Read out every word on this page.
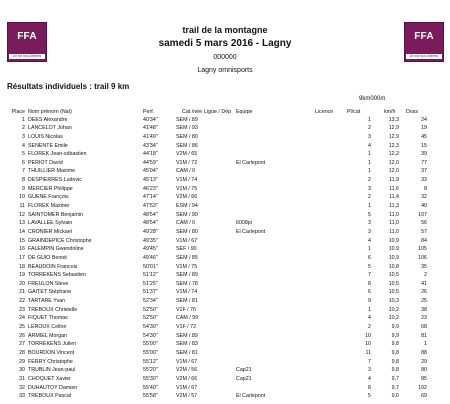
FFA
On est tous Athlètes
FFA
On est tous Athlètes
trail de la montagne
samedi 5 mars 2016 - Lagny
000000
Lagny omnisports
Résultats individuels : trail 9 km
9km000m
Place Nom prénom (Nat)	Perf.	Cat /née Ligue / Dép Equipe	Licence	Pl/cat	km/h Doss
1 DEES Alexandre	40'34''	SEM / 89	1	13,3	24
2 LANCELOT Johan	41'48''	SEM / 93	2	12,9	19
3 LOUIS Nicolas	41'49''	SEM / 80	3	12,9	45
4 SENENTE Emile	43'34''	SEM / 86	4	12,3	15
5 FLOREK Jean-sébastien	44'18''	V2M / 65	1	12,2	39
6 PERIOT David	44'59''	V1M / 72	El Carlepont	1	12,0	77
7 THUILLIER Maxime	45'04''	CAM / 0	1	12,0	37
8 DESPIERRES Ludovic	45'13''	V1M / 74	2	11,9	33
9 MERCIER Philippe	46'23''	V1M / 75	3	11,6	8
10 GUENE François	47'14''	V2M / 66	2	11,4	32
11 FLOREK Maxime	47'53''	ESM / 94	1	11,3	40
12 SAINTOMER Benjamin	48'54''	SEM / 90	5	11,0	107
13 LAVALLEE Sylvain	48'54''	CAM / 0	6008pi	3	11,0	56
14 CRONIER Mickael	49'28''	SEM / 80	El Carlepont	3	11,0	57
15 GRAINDEPICE Christophe	49'35''	V1M / 67	4	10,9	84
16 FALEMPIN Gwendoline	49'45''	SEF / 90	1	10,9	105
17 DE GUIO Benoit	49'46''	SEM / 85	6	10,9	106
18 BEAUDOIN Francois	50'01''	V1M / 75	5	10,8	35
19 TORREKENS Sebastien	51'12''	SEM / 89	7	10,5	2
20 FREULON Steve	51'25''	SEM / 78	8	10,5	41
21 GAITET Stéphane	51'37''	V1M / 74	6	10,5	26
22 TARTARE Yvan	52'34''	SEM / 81	9	10,3	25
23 TREBOUX Christelle	52'50''	V1F / 76	1	10,2	38
24 FIQUET Thomas	52'50''	CAM / 99	4	10,2	23
25 LEROUX Celine	54'30''	V1F / 72	2	9,9	68
26 ARMIEL Morgan	54'30''	SEM / 89	10	9,9	81
27 TORREKENS Julien	55'00''	SEM / 83	10	9,8	1
28 BOURDON Vincent	55'00''	SEM / 81	11	9,8	88
29 FERRY Christophe	55'12''	V1M / 67	7	9,8	29
30 TRUBLIN Jean-paul	55'20''	V2M / 56	Cap21	3	9,8	80
31 CHOQUET Xavier	55'30''	V2M / 66	Cap21	4	9,7	85
32 DUHAUTOY Damien	55'40''	V1M / 67	8	9,7	102
33 TREBOUX Pascal	55'58''	V2M / 57	El Carlepont	5	9,6	69
